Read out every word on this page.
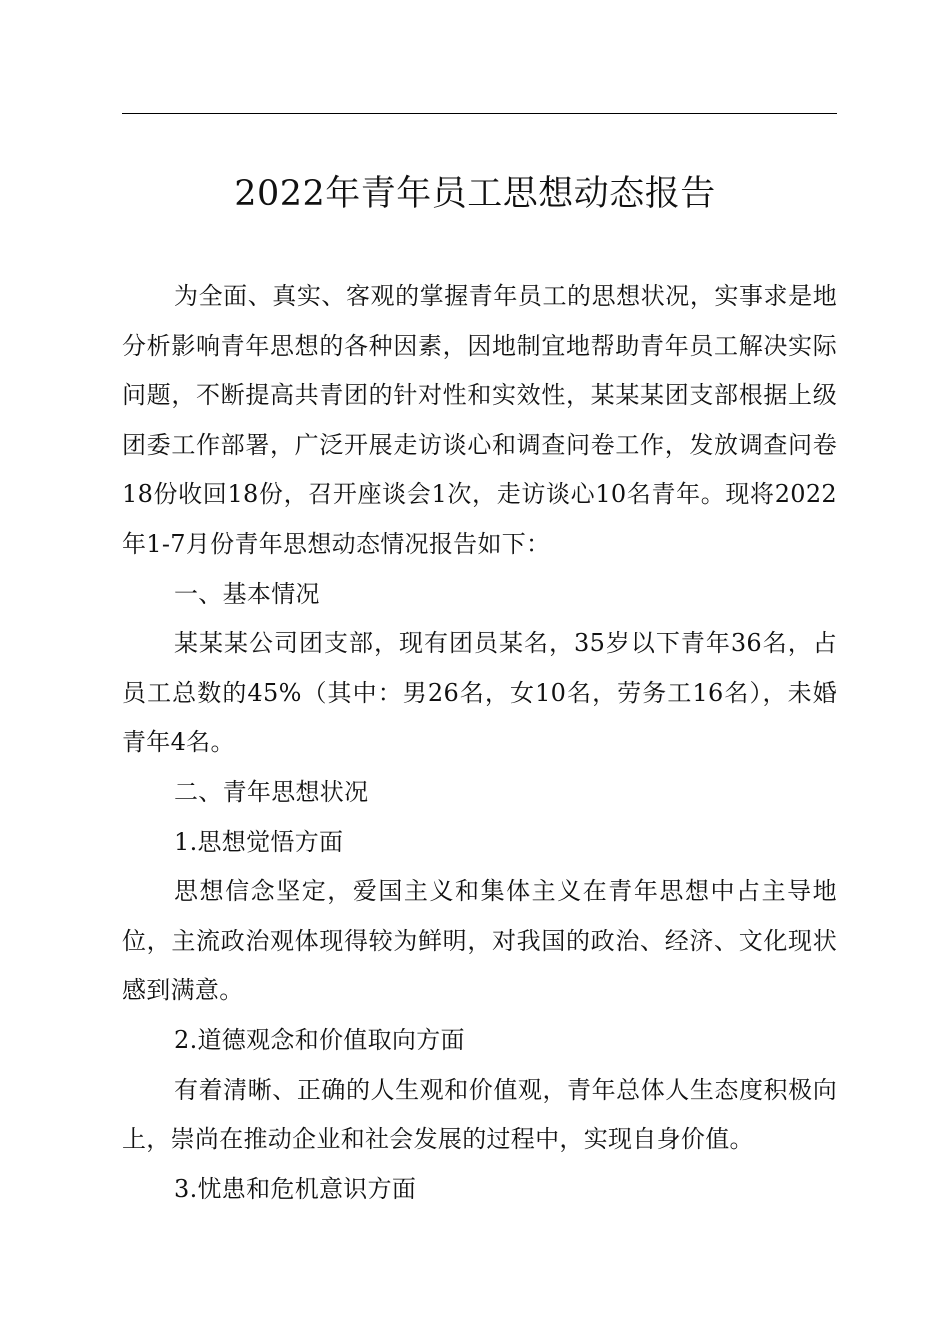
2022年青年员工思想动态报告

为全面、真实、客观的掌握青年员工的思想状况，实事求是地分析影响青年思想的各种因素，因地制宜地帮助青年员工解决实际问题，不断提高共青团的针对性和实效性，某某某团支部根据上级团委工作部署，广泛开展走访谈心和调查问卷工作，发放调查问卷18份收回18份，召开座谈会1次，走访谈心10名青年。现将2022年1-7月份青年思想动态情况报告如下：

一、基本情况

某某某公司团支部，现有团员某名，35岁以下青年36名，占员工总数的45%（其中：男26名，女10名，劳务工16名），未婚青年4名。

二、青年思想状况

1.思想觉悟方面

思想信念坚定，爱国主义和集体主义在青年思想中占主导地位，主流政治观体现得较为鲜明，对我国的政治、经济、文化现状感到满意。

2.道德观念和价值取向方面

有着清晰、正确的人生观和价值观，青年总体人生态度积极向上，崇尚在推动企业和社会发展的过程中，实现自身价值。

3.忧患和危机意识方面
